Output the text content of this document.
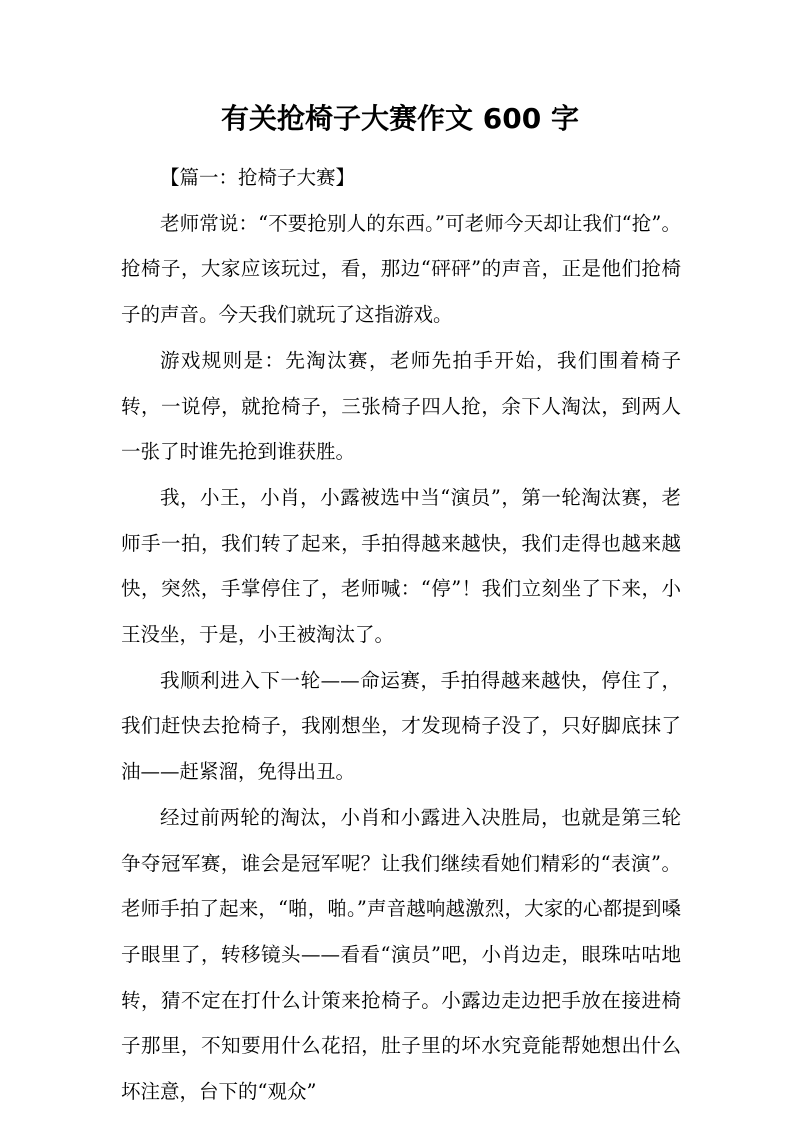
有关抢椅子大赛作文 600 字

【篇一：抢椅子大赛】

老师常说：“不要抢别人的东西。”可老师今天却让我们“抢”。抢椅子，大家应该玩过，看，那边“砰砰”的声音，正是他们抢椅子的声音。今天我们就玩了这指游戏。

游戏规则是：先淘汰赛，老师先拍手开始，我们围着椅子转，一说停，就抢椅子，三张椅子四人抢，余下人淘汰，到两人一张了时谁先抢到谁获胜。

我，小王，小肖，小露被选中当“演员”，第一轮淘汰赛，老师手一拍，我们转了起来，手拍得越来越快，我们走得也越来越快，突然，手掌停住了，老师喊：“停”！我们立刻坐了下来，小王没坐，于是，小王被淘汰了。

我顺利进入下一轮——命运赛，手拍得越来越快，停住了，我们赶快去抢椅子，我刚想坐，才发现椅子没了，只好脚底抹了油——赶紧溜，免得出丑。

经过前两轮的淘汰，小肖和小露进入决胜局，也就是第三轮争夺冠军赛，谁会是冠军呢？让我们继续看她们精彩的“表演”。老师手拍了起来，“啪，啪。”声音越响越激烈，大家的心都提到嗓子眼里了，转移镜头——看看“演员”吧，小肖边走，眼珠咕咕地转，猜不定在打什么计策来抢椅子。小露边走边把手放在接进椅子那里，不知要用什么花招，肚子里的坏水究竟能帮她想出什么坏注意，台下的“观众”
